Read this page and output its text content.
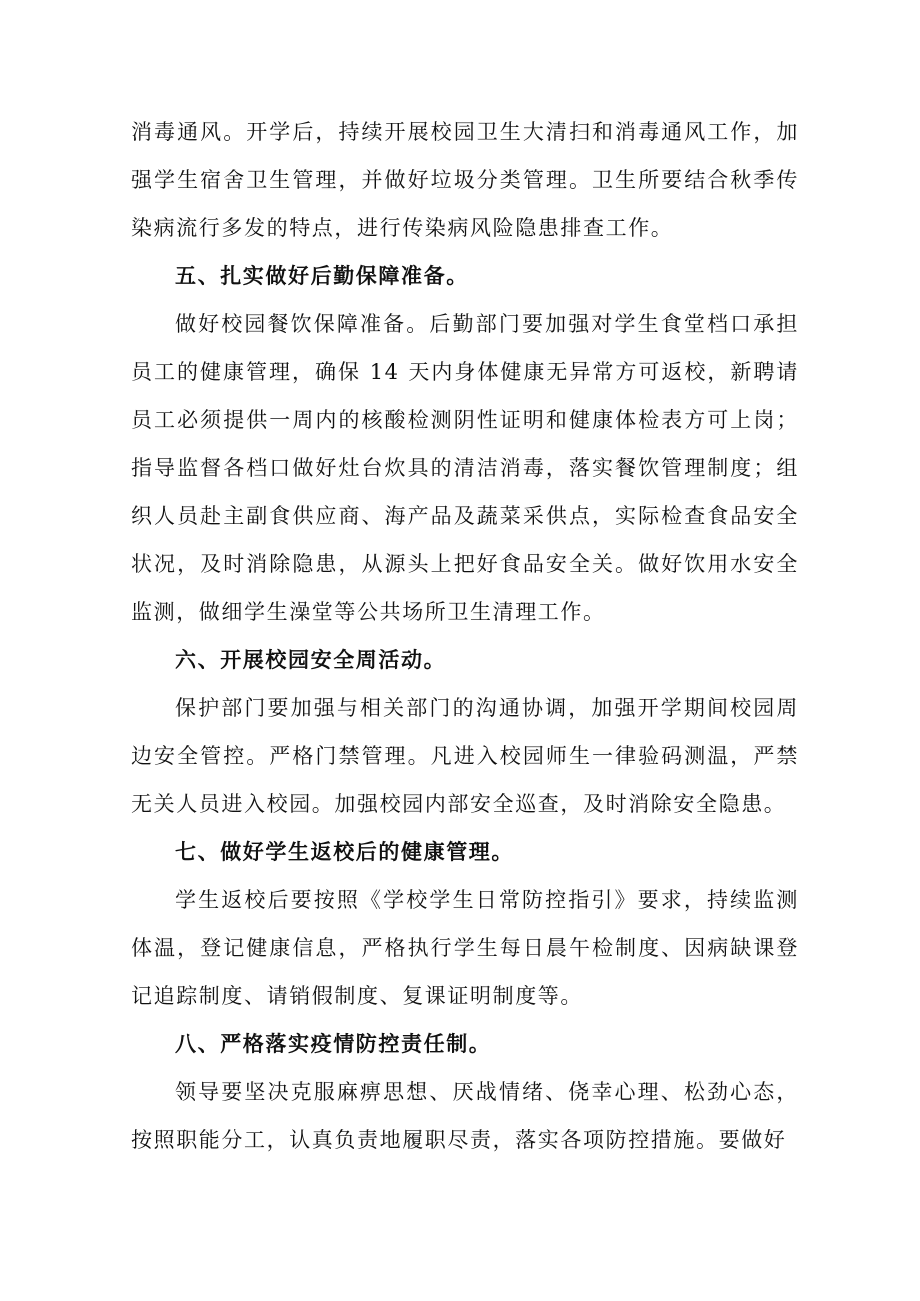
消毒通风。开学后，持续开展校园卫生大清扫和消毒通风工作，加强学生宿舍卫生管理，并做好垃圾分类管理。卫生所要结合秋季传染病流行多发的特点，进行传染病风险隐患排查工作。

五、扎实做好后勤保障准备。

做好校园餐饮保障准备。后勤部门要加强对学生食堂档口承担员工的健康管理，确保 14 天内身体健康无异常方可返校，新聘请员工必须提供一周内的核酸检测阴性证明和健康体检表方可上岗；指导监督各档口做好灶台炊具的清洁消毒，落实餐饮管理制度；组织人员赴主副食供应商、海产品及蔬菜采供点，实际检查食品安全状况，及时消除隐患，从源头上把好食品安全关。做好饮用水安全监测，做细学生澡堂等公共场所卫生清理工作。

六、开展校园安全周活动。

保护部门要加强与相关部门的沟通协调，加强开学期间校园周边安全管控。严格门禁管理。凡进入校园师生一律验码测温，严禁无关人员进入校园。加强校园内部安全巡查，及时消除安全隐患。

七、做好学生返校后的健康管理。

学生返校后要按照《学校学生日常防控指引》要求，持续监测体温，登记健康信息，严格执行学生每日晨午检制度、因病缺课登记追踪制度、请销假制度、复课证明制度等。

八、严格落实疫情防控责任制。

领导要坚决克服麻痹思想、厌战情绪、侥幸心理、松劲心态，按照职能分工，认真负责地履职尽责，落实各项防控措施。要做好
